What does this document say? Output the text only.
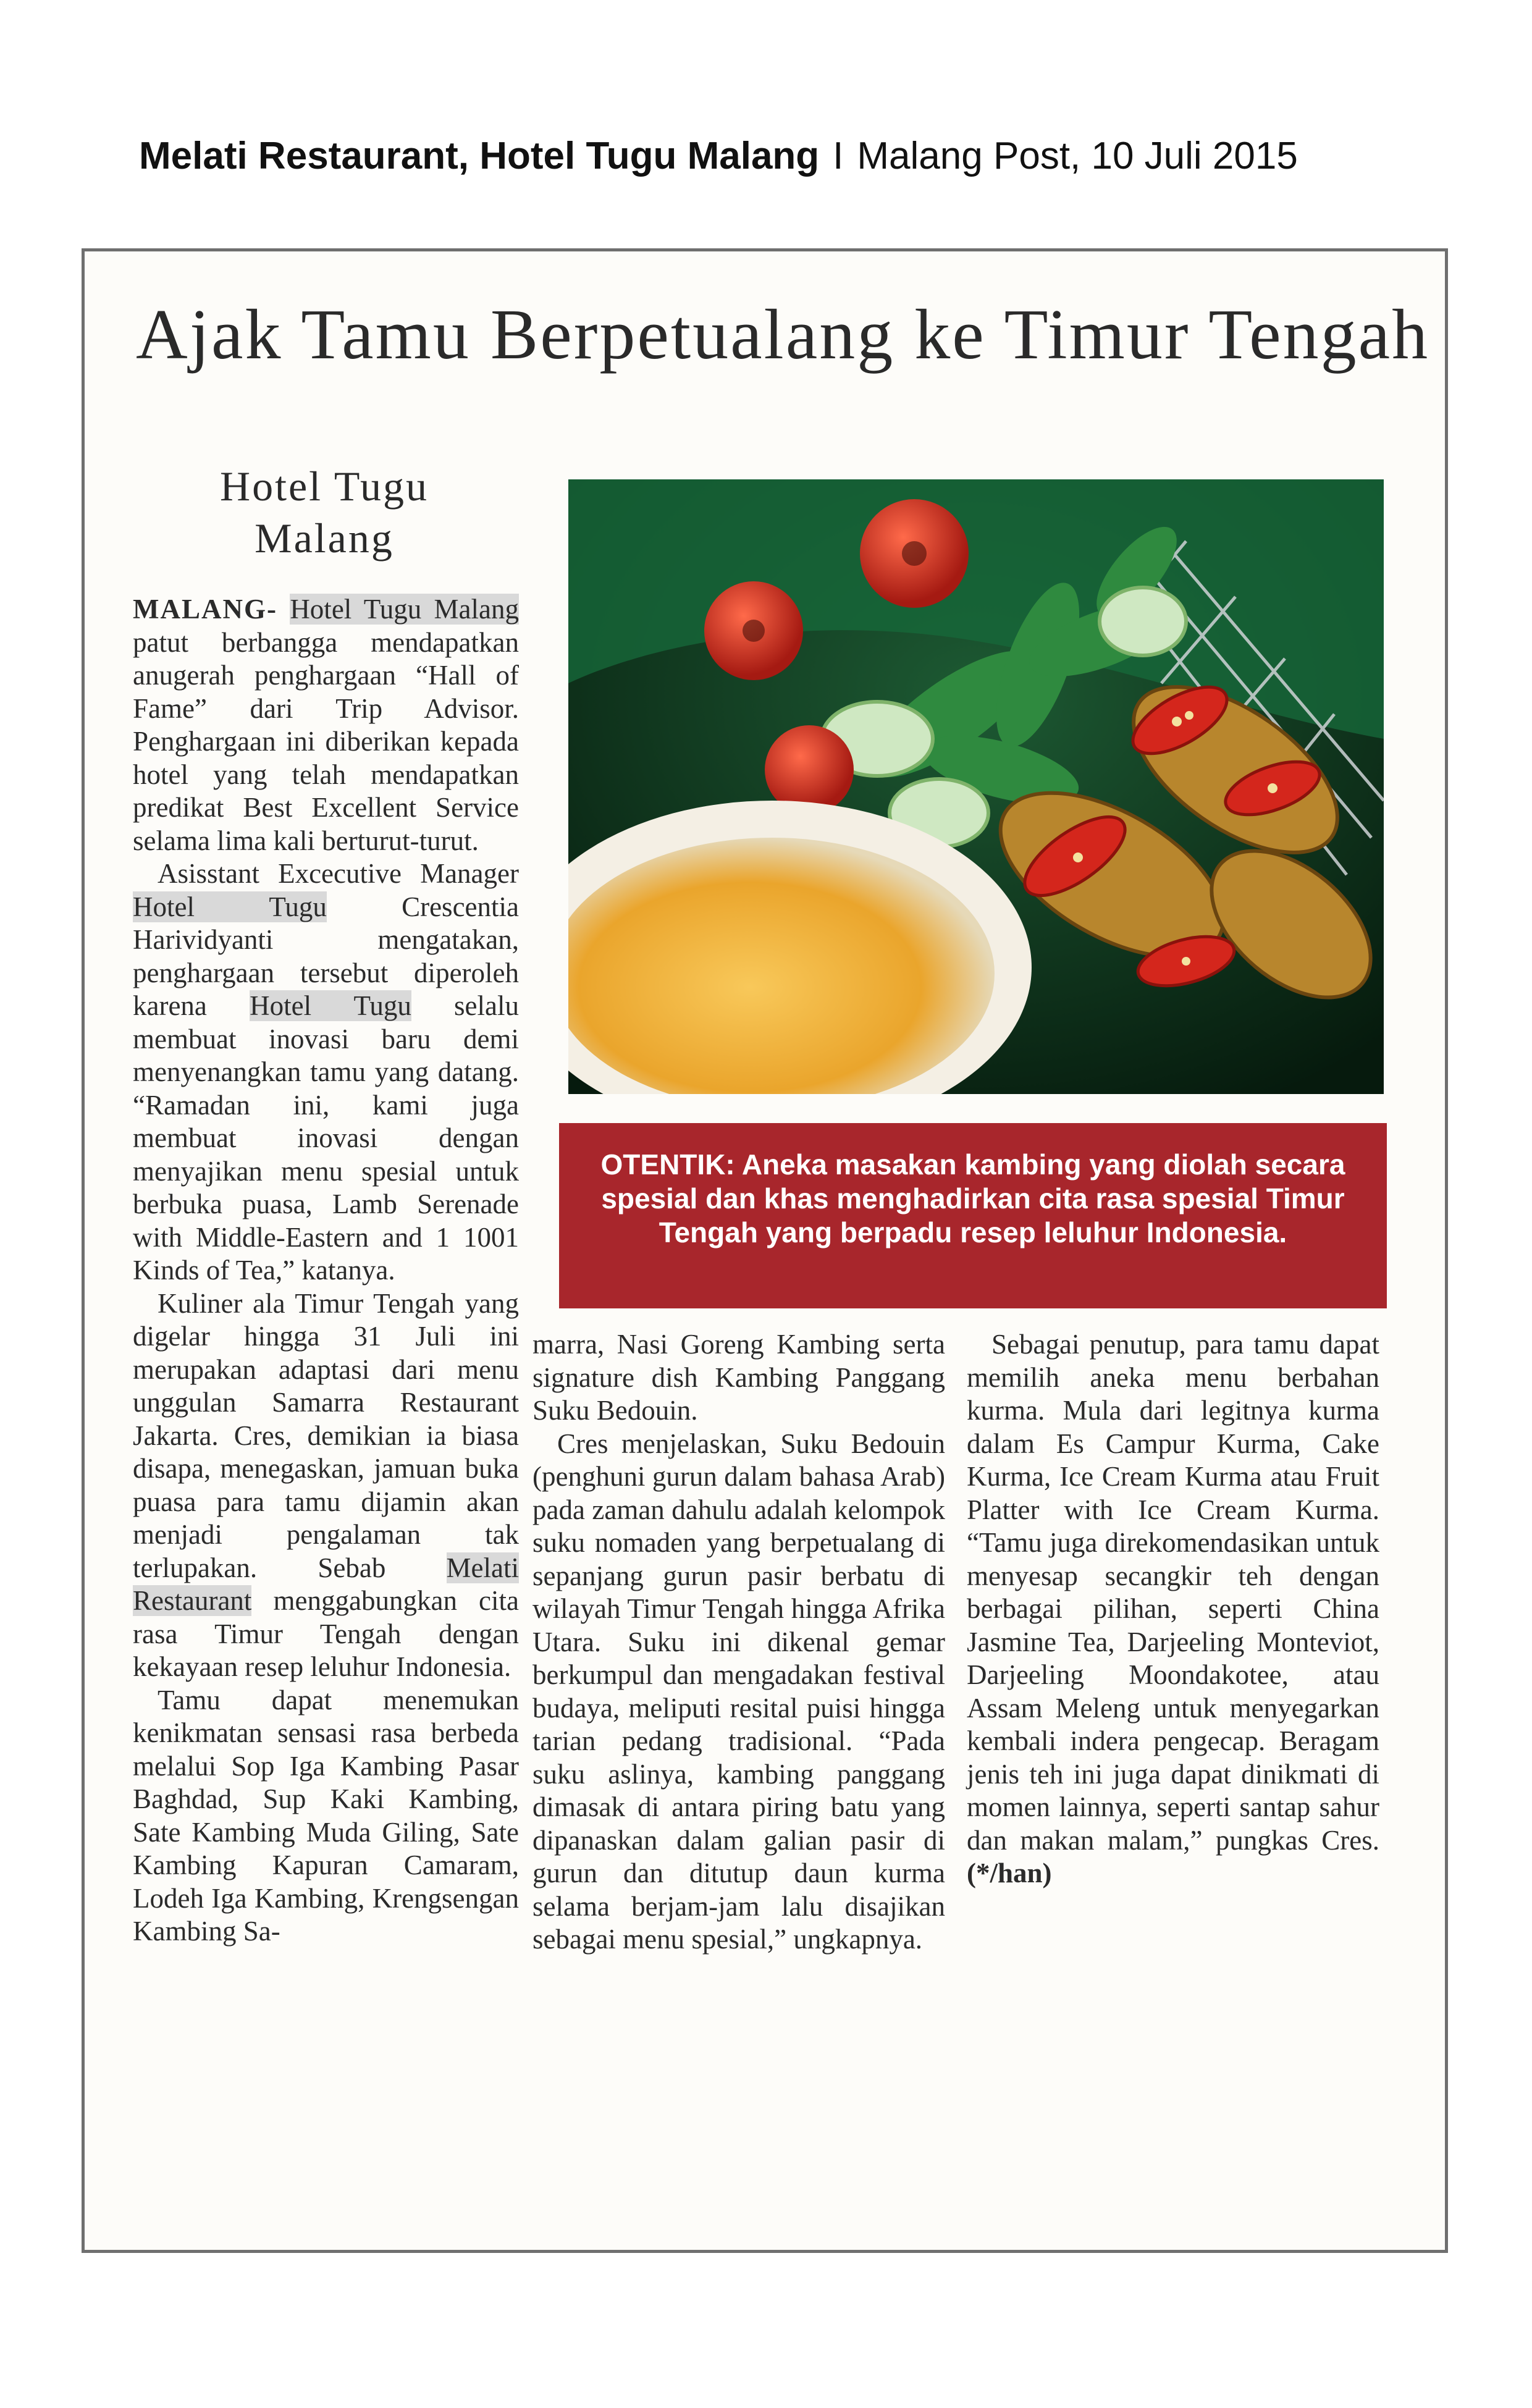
Melati Restaurant, Hotel Tugu Malang I Malang Post, 10 Juli 2015
Ajak Tamu Berpetualang ke Timur Tengah
Hotel Tugu
Malang
OTENTIK: Aneka masakan kambing yang diolah secara spesial dan khas menghadirkan cita rasa spesial Timur Tengah yang berpadu resep leluhur Indonesia.

MALANG- Hotel Tugu Malang patut berbangga mendapatkan anugerah penghargaan “Hall of Fame” dari Trip Advisor. Penghargaan ini diberikan kepada hotel yang telah mendapatkan predikat Best Excellent Service selama lima kali berturut-turut.

Asisstant Excecutive Manager Hotel Tugu	Crescentia Harividyanti mengatakan, penghargaan tersebut diperoleh karena Hotel Tugu selalu membuat inovasi baru demi menyenangkan tamu yang datang. “Ramadan ini, kami juga membuat inovasi dengan menyajikan menu spesial untuk berbuka puasa, Lamb Serenade with Middle-Eastern and 1 1001 Kinds of Tea,” katanya.

Kuliner ala Timur Tengah yang digelar hingga 31 Juli ini merupakan adaptasi dari menu unggulan Samarra Restaurant Jakarta. Cres, demikian ia biasa disapa, menegaskan, jamuan buka puasa para tamu dijamin akan menjadi pengalaman tak terlupakan. Sebab Melati Restaurant menggabungkan cita rasa Timur Tengah dengan kekayaan resep leluhur Indonesia.

Tamu dapat menemukan kenikmatan sensasi rasa berbeda melalui Sop Iga Kambing Pasar Baghdad, Sup Kaki Kambing, Sate Kambing Muda Giling, Sate Kambing Kapuran Camaram, Lodeh Iga Kambing, Krengsengan Kambing Sa-

marra, Nasi Goreng Kambing serta signature dish Kambing Panggang Suku Bedouin.

Cres menjelaskan, Suku Bedouin (penghuni gurun dalam bahasa Arab) pada zaman dahulu adalah kelompok suku nomaden yang berpetualang di sepanjang gurun pasir berbatu di wilayah Timur Tengah hingga Afrika Utara. Suku ini dikenal gemar berkumpul dan mengadakan festival budaya, meliputi resital puisi hingga tarian pedang tradisional. “Pada suku aslinya, kambing panggang dimasak di antara piring batu yang dipanaskan dalam galian pasir di gurun dan ditutup daun kurma selama berjam-jam lalu disajikan sebagai menu spesial,” ungkapnya.

Sebagai penutup, para tamu dapat memilih aneka menu berbahan kurma. Mula dari legitnya kurma dalam Es Campur Kurma, Cake Kurma, Ice Cream Kurma atau Fruit Platter with Ice Cream Kurma. “Tamu juga direkomendasikan untuk menyesap secangkir teh dengan berbagai pilihan, seperti China Jasmine Tea, Darjeeling Monteviot, Darjeeling Moondakotee, atau Assam Meleng untuk menyegarkan kembali indera pengecap. Beragam jenis teh ini juga dapat dinikmati di momen lainnya, seperti santap sahur dan makan malam,” pungkas Cres.(*/han)
